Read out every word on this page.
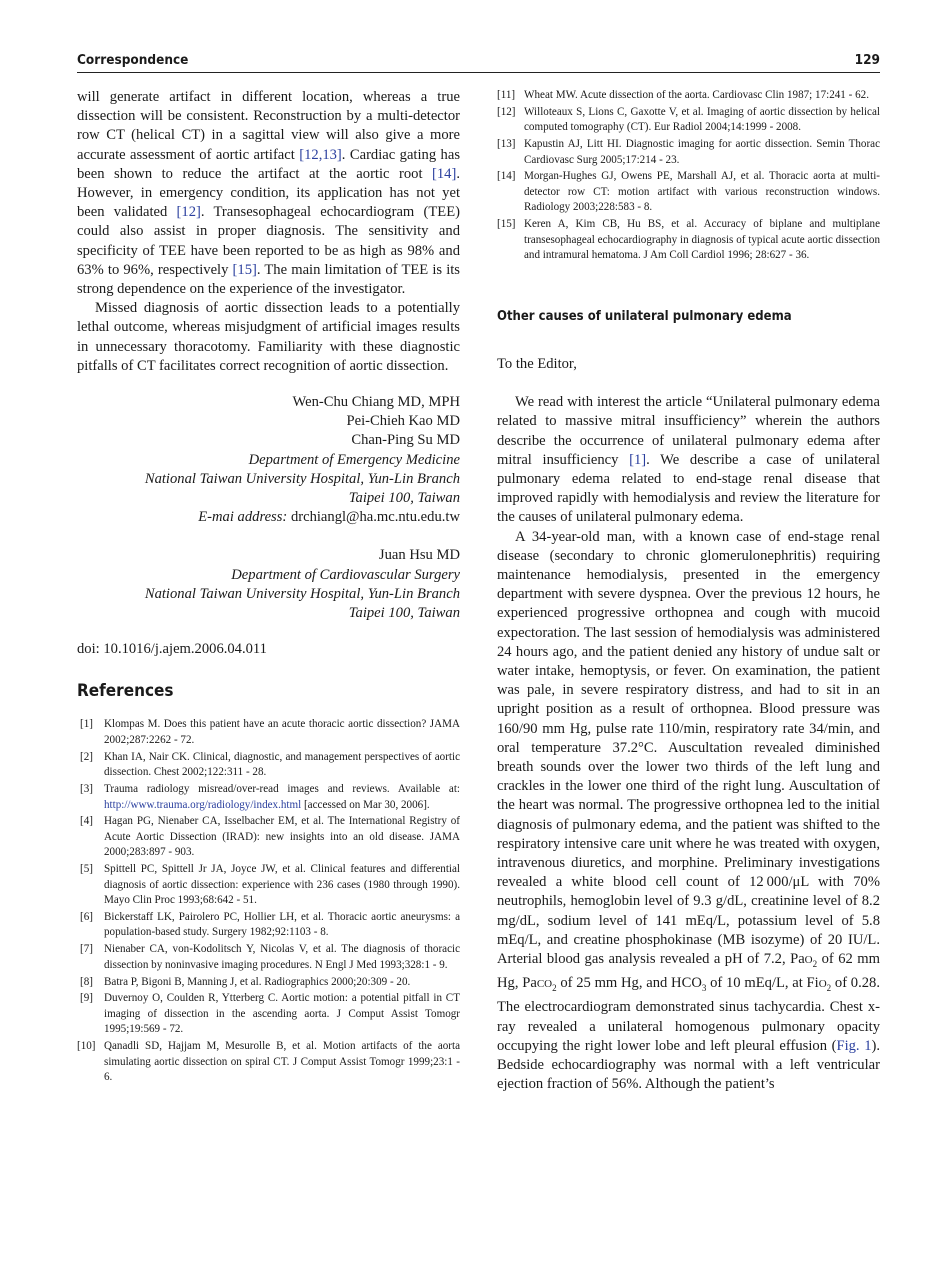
Correspondence	129

will generate artifact in different location, whereas a true dissection will be consistent. Reconstruction by a multi-detector row CT (helical CT) in a sagittal view will also give a more accurate assessment of aortic artifact [12,13]. Cardiac gating has been shown to reduce the artifact at the aortic root [14]. However, in emergency condition, its application has not yet been validated [12]. Transesophageal echocardiogram (TEE) could also assist in proper diagnosis. The sensitivity and specificity of TEE have been reported to be as high as 98% and 63% to 96%, respectively [15]. The main limitation of TEE is its strong dependence on the experience of the investigator.

Missed diagnosis of aortic dissection leads to a potentially lethal outcome, whereas misjudgment of artificial images results in unnecessary thoracotomy. Familiarity with these diagnostic pitfalls of CT facilitates correct recognition of aortic dissection.

Wen-Chu Chiang MD, MPH

Pei-Chieh Kao MD

Chan-Ping Su MD

Department of Emergency Medicine

National Taiwan University Hospital, Yun-Lin Branch

Taipei 100, Taiwan

E-mai address: drchiangl@ha.mc.ntu.edu.tw

Juan Hsu MD

Department of Cardiovascular Surgery

National Taiwan University Hospital, Yun-Lin Branch

Taipei 100, Taiwan

doi: 10.1016/j.ajem.2006.04.011

References
[1] Klompas M. Does this patient have an acute thoracic aortic dissection? JAMA 2002;287:2262 - 72.
[2] Khan IA, Nair CK. Clinical, diagnostic, and management perspectives of aortic dissection. Chest 2002;122:311 - 28.
[3] Trauma radiology misread/over-read images and reviews. Available at: http://www.trauma.org/radiology/index.html [accessed on Mar 30, 2006].
[4] Hagan PG, Nienaber CA, Isselbacher EM, et al. The International Registry of Acute Aortic Dissection (IRAD): new insights into an old disease. JAMA 2000;283:897 - 903.
[5] Spittell PC, Spittell Jr JA, Joyce JW, et al. Clinical features and differential diagnosis of aortic dissection: experience with 236 cases (1980 through 1990). Mayo Clin Proc 1993;68:642 - 51.
[6] Bickerstaff LK, Pairolero PC, Hollier LH, et al. Thoracic aortic aneurysms: a population-based study. Surgery 1982;92:1103 - 8.
[7] Nienaber CA, von-Kodolitsch Y, Nicolas V, et al. The diagnosis of thoracic dissection by noninvasive imaging procedures. N Engl J Med 1993;328:1 - 9.
[8] Batra P, Bigoni B, Manning J, et al. Radiographics 2000;20:309 - 20.
[9] Duvernoy O, Coulden R, Ytterberg C. Aortic motion: a potential pitfall in CT imaging of dissection in the ascending aorta. J Comput Assist Tomogr 1995;19:569 - 72.
[10] Qanadli SD, Hajjam M, Mesurolle B, et al. Motion artifacts of the aorta simulating aortic dissection on spiral CT. J Comput Assist Tomogr 1999;23:1 - 6.
[11] Wheat MW. Acute dissection of the aorta. Cardiovasc Clin 1987; 17:241 - 62.
[12] Willoteaux S, Lions C, Gaxotte V, et al. Imaging of aortic dissection by helical computed tomography (CT). Eur Radiol 2004;14:1999 - 2008.
[13] Kapustin AJ, Litt HI. Diagnostic imaging for aortic dissection. Semin Thorac Cardiovasc Surg 2005;17:214 - 23.
[14] Morgan-Hughes GJ, Owens PE, Marshall AJ, et al. Thoracic aorta at multi-detector row CT: motion artifact with various reconstruction windows. Radiology 2003;228:583 - 8.
[15] Keren A, Kim CB, Hu BS, et al. Accuracy of biplane and multiplane transesophageal echocardiography in diagnosis of typical acute aortic dissection and intramural hematoma. J Am Coll Cardiol 1996; 28:627 - 36.
Other causes of unilateral pulmonary edema

To the Editor,

We read with interest the article “Unilateral pulmonary edema related to massive mitral insufficiency” wherein the authors describe the occurrence of unilateral pulmonary edema after mitral insufficiency [1]. We describe a case of unilateral pulmonary edema related to end-stage renal disease that improved rapidly with hemodialysis and review the literature for the causes of unilateral pulmonary edema.

A 34-year-old man, with a known case of end-stage renal disease (secondary to chronic glomerulonephritis) requiring maintenance hemodialysis, presented in the emergency department with severe dyspnea. Over the previous 12 hours, he experienced progressive orthopnea and cough with mucoid expectoration. The last session of hemodialysis was administered 24 hours ago, and the patient denied any history of undue salt or water intake, hemoptysis, or fever. On examination, the patient was pale, in severe respiratory distress, and had to sit in an upright position as a result of orthopnea. Blood pressure was 160/90 mm Hg, pulse rate 110/min, respiratory rate 34/min, and oral temperature 37.2°C. Auscultation revealed diminished breath sounds over the lower two thirds of the left lung and crackles in the lower one third of the right lung. Auscultation of the heart was normal. The progressive orthopnea led to the initial diagnosis of pulmonary edema, and the patient was shifted to the respiratory intensive care unit where he was treated with oxygen, intravenous diuretics, and morphine. Preliminary investigations revealed a white blood cell count of 12 000/μL with 70% neutrophils, hemoglobin level of 9.3 g/dL, creatinine level of 8.2 mg/dL, sodium level of 141 mEq/L, potassium level of 5.8 mEq/L, and creatine phosphokinase (MB isozyme) of 20 IU/L. Arterial blood gas analysis revealed a pH of 7.2, PaO$_2$ of 62 mm Hg, PaCO$_2$ of 25 mm Hg, and $HCO_3$ of 10 mEq/L, at FiO$_2$ of 0.28. The electrocardiogram demonstrated sinus tachycardia. Chest x-ray revealed a unilateral homogenous pulmonary opacity occupying the right lower lobe and left pleural effusion (Fig. 1). Bedside echocardiography was normal with a left ventricular ejection fraction of 56%. Although the patient’s
